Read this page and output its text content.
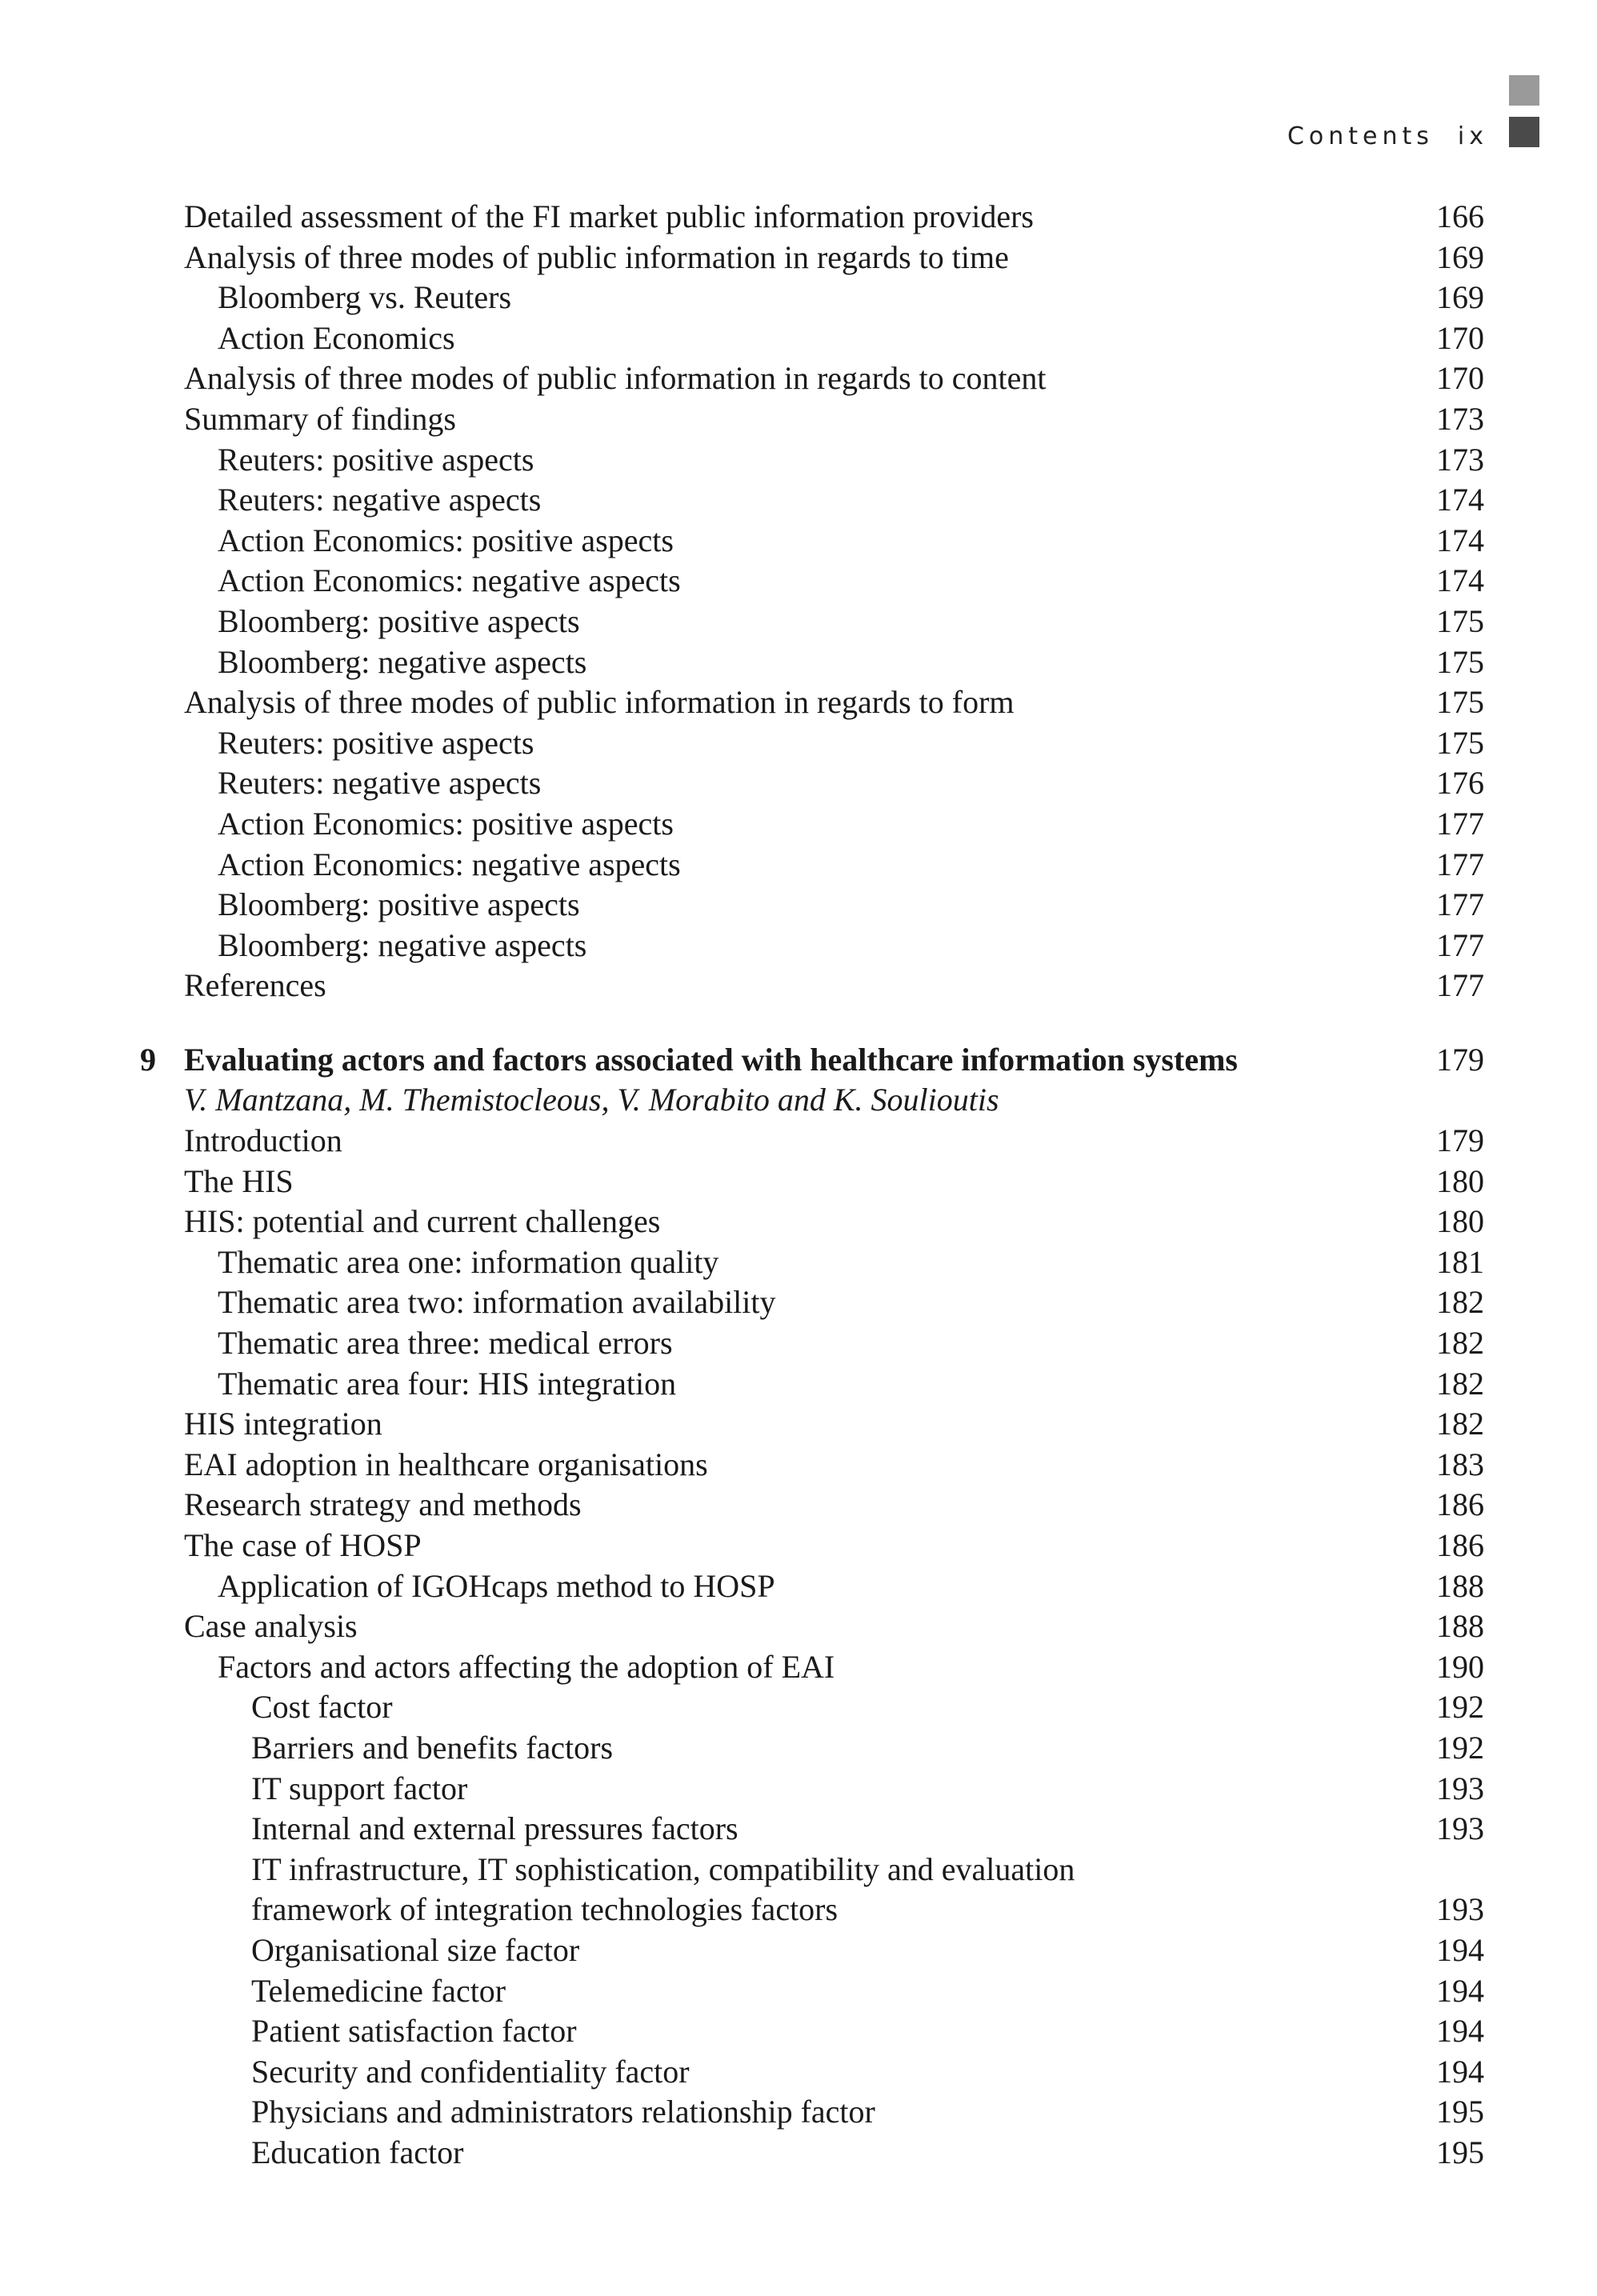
Contents ix
Detailed assessment of the FI market public information providers	166
Analysis of three modes of public information in regards to time	169
Bloomberg vs. Reuters	169
Action Economics	170
Analysis of three modes of public information in regards to content	170
Summary of findings	173
Reuters: positive aspects	173
Reuters: negative aspects	174
Action Economics: positive aspects	174
Action Economics: negative aspects	174
Bloomberg: positive aspects	175
Bloomberg: negative aspects	175
Analysis of three modes of public information in regards to form	175
Reuters: positive aspects	175
Reuters: negative aspects	176
Action Economics: positive aspects	177
Action Economics: negative aspects	177
Bloomberg: positive aspects	177
Bloomberg: negative aspects	177
References	177
9 Evaluating actors and factors associated with healthcare information systems	179
V. Mantzana, M. Themistocleous, V. Morabito and K. Soulioutis
Introduction	179
The HIS	180
HIS: potential and current challenges	180
Thematic area one: information quality	181
Thematic area two: information availability	182
Thematic area three: medical errors	182
Thematic area four: HIS integration	182
HIS integration	182
EAI adoption in healthcare organisations	183
Research strategy and methods	186
The case of HOSP	186
Application of IGOHcaps method to HOSP	188
Case analysis	188
Factors and actors affecting the adoption of EAI	190
Cost factor	192
Barriers and benefits factors	192
IT support factor	193
Internal and external pressures factors	193
IT infrastructure, IT sophistication, compatibility and evaluation
framework of integration technologies factors	193
Organisational size factor	194
Telemedicine factor	194
Patient satisfaction factor	194
Security and confidentiality factor	194
Physicians and administrators relationship factor	195
Education factor	195
